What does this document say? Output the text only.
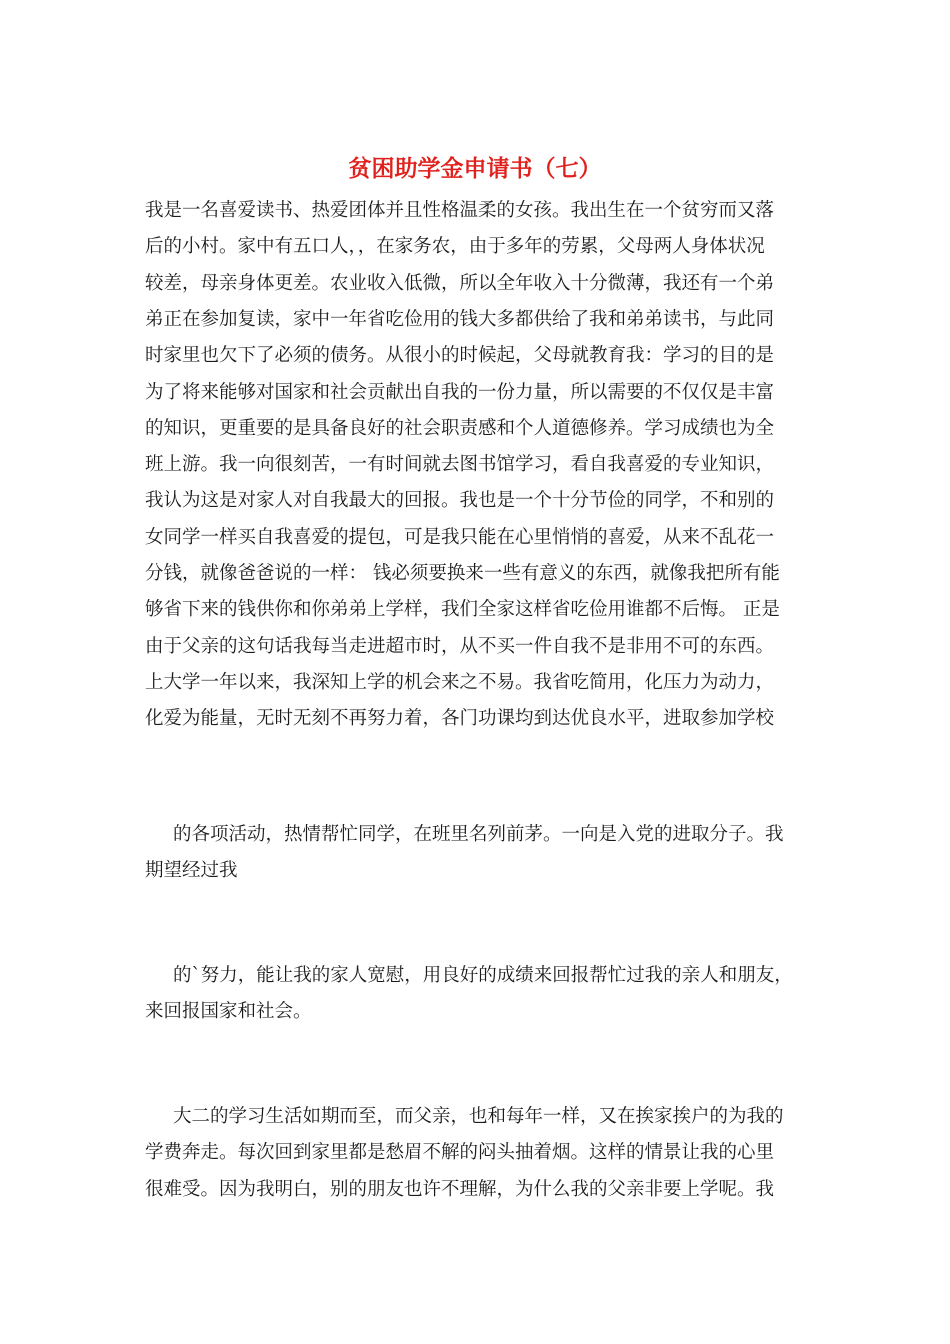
贫困助学金申请书（七）

我是一名喜爱读书、热爱团体并且性格温柔的女孩。我出生在一个贫穷而又落

后的小村。家中有五口人，，在家务农，由于多年的劳累，父母两人身体状况

较差，母亲身体更差。农业收入低微，所以全年收入十分微薄，我还有一个弟

弟正在参加复读，家中一年省吃俭用的钱大多都供给了我和弟弟读书，与此同

时家里也欠下了必须的债务。从很小的时候起，父母就教育我：学习的目的是

为了将来能够对国家和社会贡献出自我的一份力量，所以需要的不仅仅是丰富

的知识，更重要的是具备良好的社会职责感和个人道德修养。学习成绩也为全

班上游。我一向很刻苦，一有时间就去图书馆学习，看自我喜爱的专业知识，

我认为这是对家人对自我最大的回报。我也是一个十分节俭的同学，不和别的

女同学一样买自我喜爱的提包，可是我只能在心里悄悄的喜爱，从来不乱花一

分钱，就像爸爸说的一样： 钱必须要换来一些有意义的东西，就像我把所有能

够省下来的钱供你和你弟弟上学样，我们全家这样省吃俭用谁都不后悔。 正是

由于父亲的这句话我每当走进超市时，从不买一件自我不是非用不可的东西。

上大学一年以来，我深知上学的机会来之不易。我省吃简用，化压力为动力，

化爱为能量，无时无刻不再努力着，各门功课均到达优良水平，进取参加学校

的各项活动，热情帮忙同学，在班里名列前茅。一向是入党的进取分子。我

期望经过我

的`努力，能让我的家人宽慰，用良好的成绩来回报帮忙过我的亲人和朋友，

来回报国家和社会。

大二的学习生活如期而至，而父亲，也和每年一样，又在挨家挨户的为我的

学费奔走。每次回到家里都是愁眉不解的闷头抽着烟。这样的情景让我的心里

很难受。因为我明白，别的朋友也许不理解，为什么我的父亲非要上学呢。我
